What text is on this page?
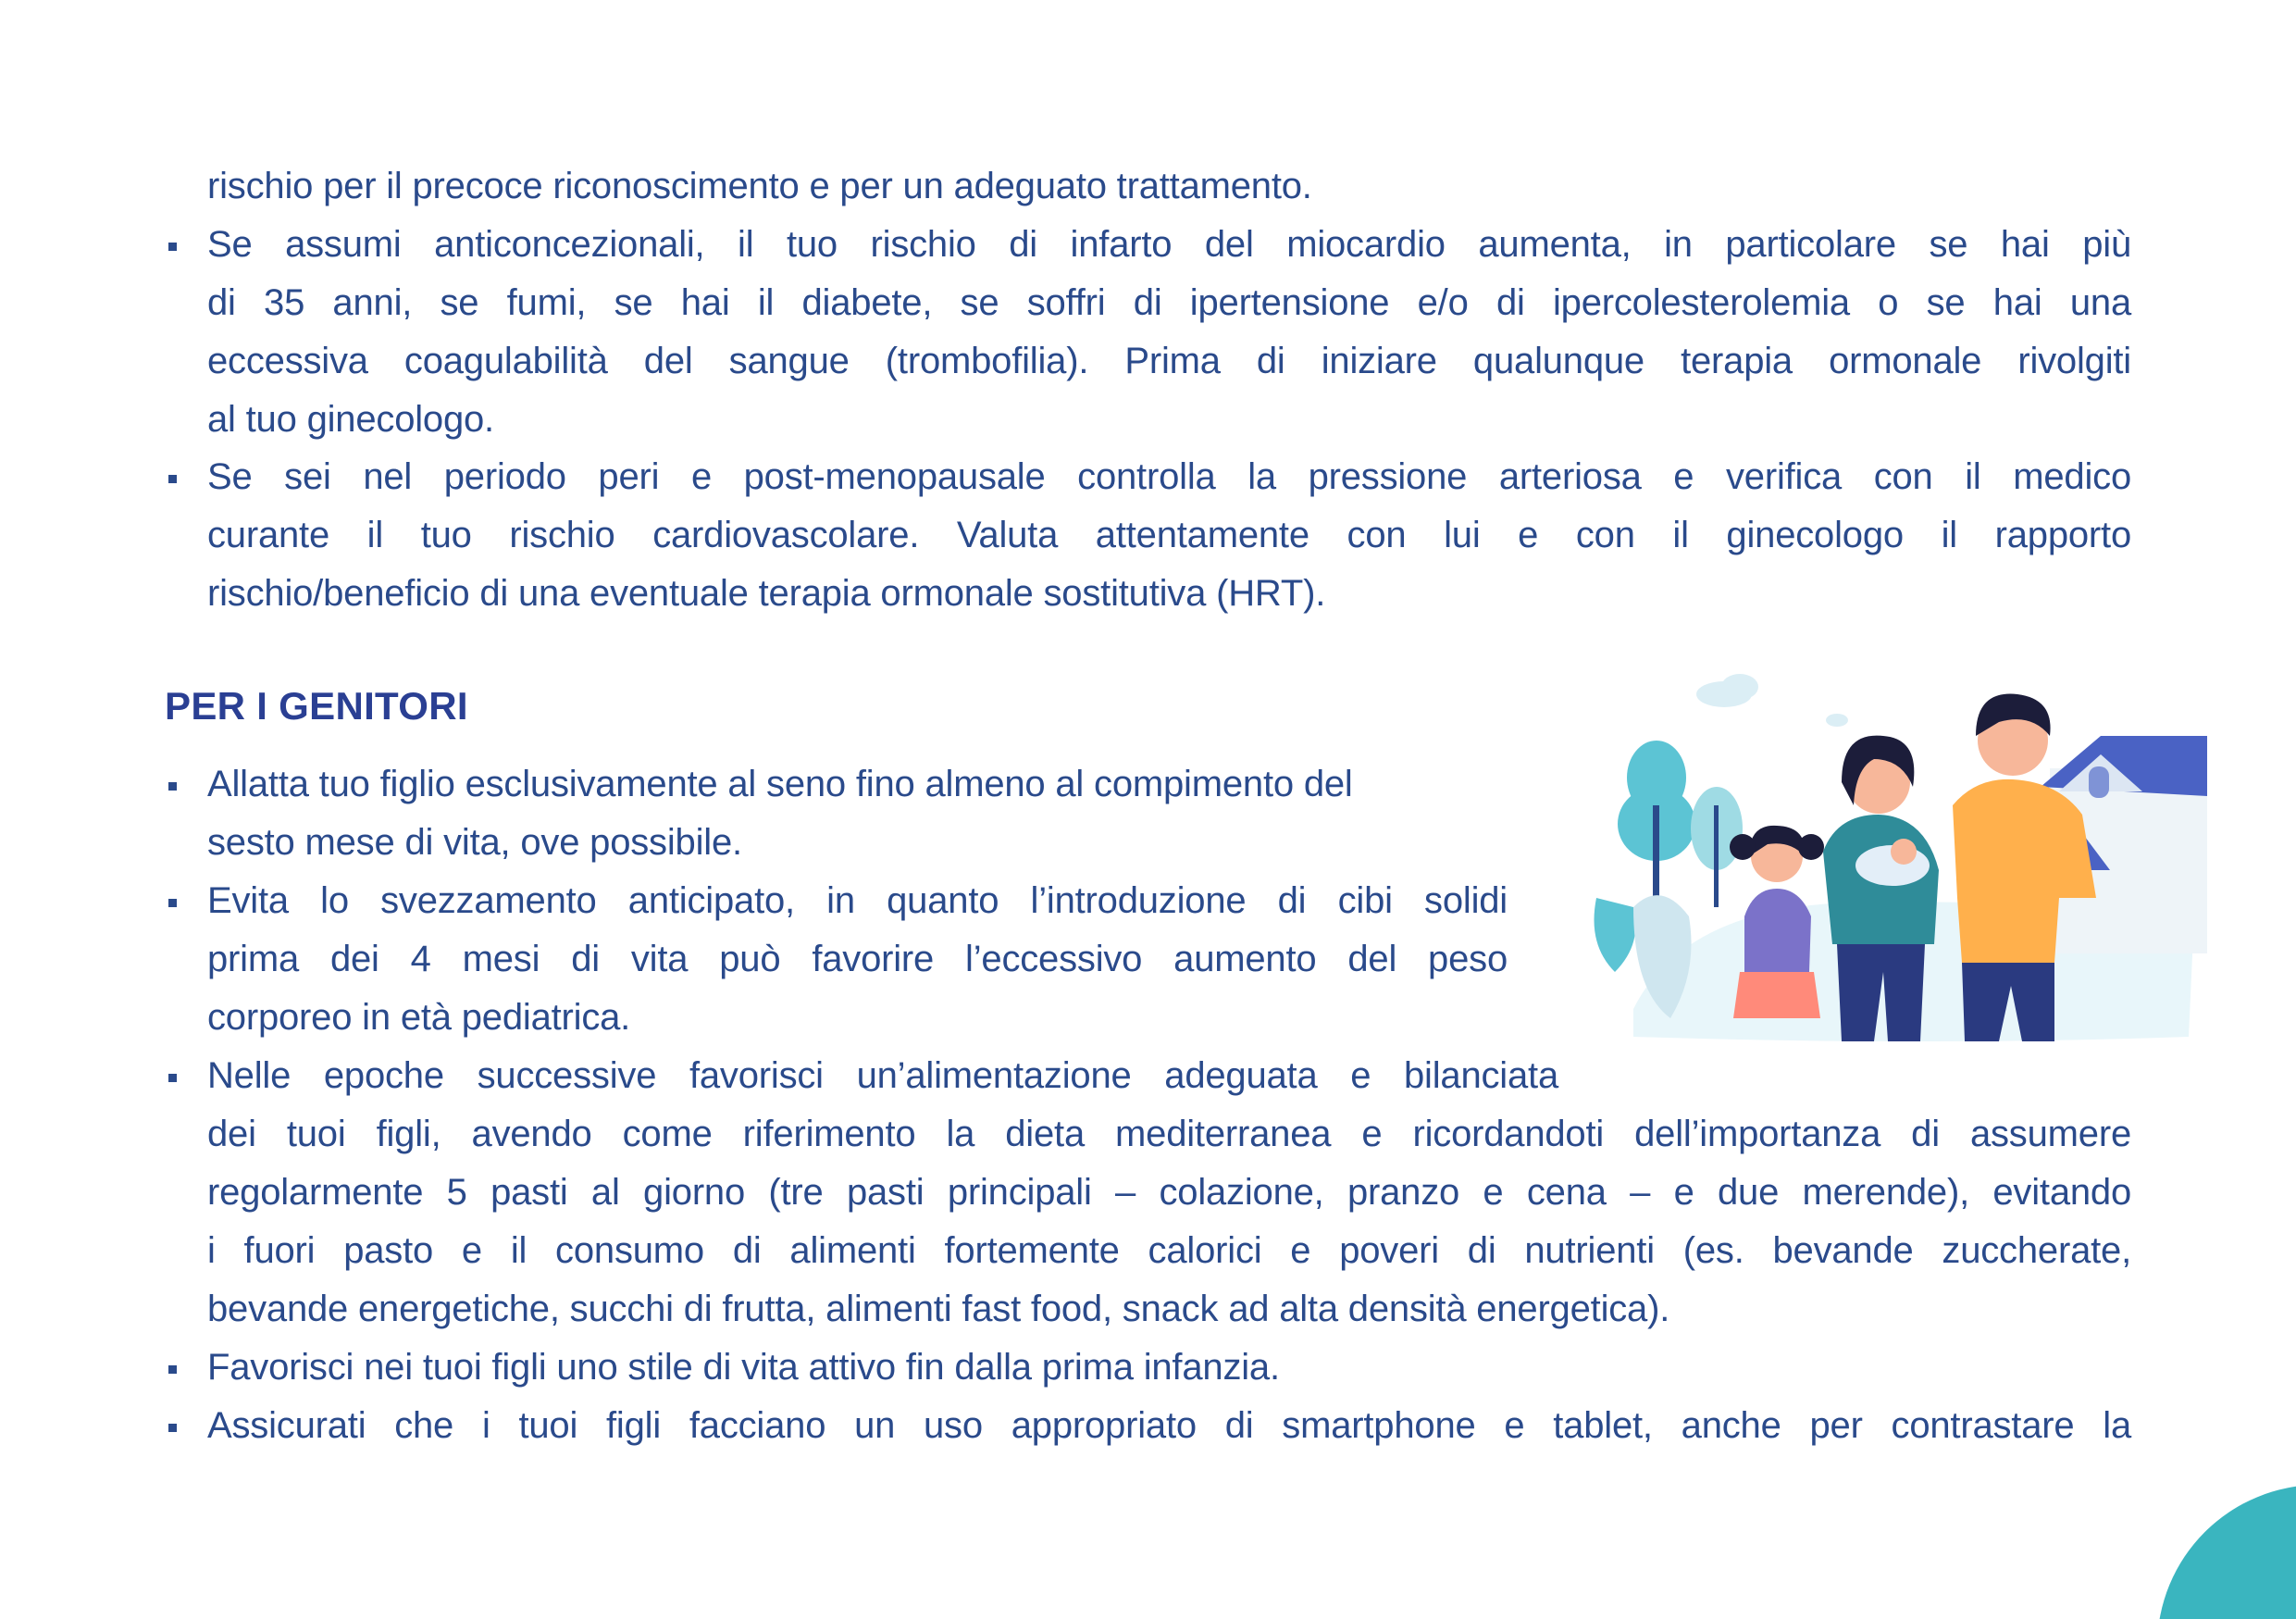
rischio per il precoce riconoscimento e per un adeguato trattamento.
Se assumi anticoncezionali, il tuo rischio di infarto del miocardio aumenta, in particolare se hai più
di 35 anni, se fumi, se hai il diabete, se soffri di ipertensione e/o di ipercolesterolemia o se hai una
eccessiva coagulabilità del sangue (trombofilia). Prima di iniziare qualunque terapia ormonale rivolgiti
al tuo ginecologo.
Se sei nel periodo peri e post-menopausale controlla la pressione arteriosa e verifica con il medico
curante il tuo rischio cardiovascolare. Valuta attentamente con lui e con il ginecologo il rapporto
rischio/beneficio di una eventuale terapia ormonale sostitutiva (HRT).
PER I GENITORI
Allatta tuo figlio esclusivamente al seno fino almeno al compimento del
sesto mese di vita, ove possibile.
Evita lo svezzamento anticipato, in quanto l’introduzione di cibi solidi
prima dei 4 mesi di vita può favorire l’eccessivo aumento del peso
corporeo in età pediatrica.
Nelle epoche successive favorisci un’alimentazione adeguata e bilanciata
dei tuoi figli, avendo come riferimento la dieta mediterranea e ricordandoti dell’importanza di assumere
regolarmente 5 pasti al giorno (tre pasti principali – colazione, pranzo e cena – e due merende), evitando
i fuori pasto e il consumo di alimenti fortemente calorici e poveri di nutrienti (es. bevande zuccherate,
bevande energetiche, succhi di frutta, alimenti fast food, snack ad alta densità energetica).
Favorisci nei tuoi figli uno stile di vita attivo fin dalla prima infanzia.
Assicurati che i tuoi figli facciano un uso appropriato di smartphone e tablet, anche per contrastare la
